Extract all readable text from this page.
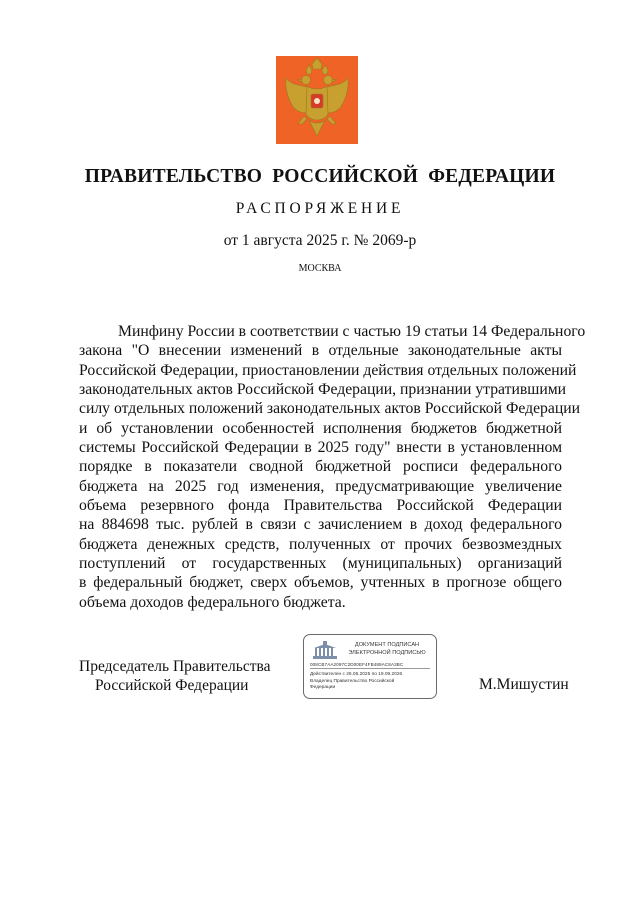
ПРАВИТЕЛЬСТВО  РОССИЙСКОЙ  ФЕДЕРАЦИИ
РАСПОРЯЖЕНИЕ
от 1 августа 2025 г. № 2069-р
МОСКВА
Минфину России в соответствии с частью 19 статьи 14 Федерального
закона "О внесении изменений в отдельные законодательные акты
Российской Федерации, приостановлении действия отдельных положений
законодательных актов Российской Федерации, признании утратившими
силу отдельных положений законодательных актов Российской Федерации
и об установлении особенностей исполнения бюджетов бюджетной
системы Российской Федерации в 2025 году" внести в установленном
порядке в показатели сводной бюджетной росписи федерального
бюджета на 2025 год изменения, предусматривающие увеличение
объема резервного фонда Правительства Российской Федерации
на 884698 тыс. рублей в связи с зачислением в доход федерального
бюджета денежных средств, полученных от прочих безвозмездных
поступлений от государственных (муниципальных) организаций
в федеральный бюджет, сверх объемов, учтенных в прогнозе общего
объема доходов федерального бюджета.
Председатель Правительства
Российской Федерации	М.Мишустин
ДОКУМЕНТ ПОДПИСАН
ЭЛЕКТРОННОЙ ПОДПИСЬЮ
008CB7AA2097C2D00EF4FB489AC8A3BC
Действителен с 26.06.2025 по 19.09.2026
Владелец Правительство Российской
Федерации
